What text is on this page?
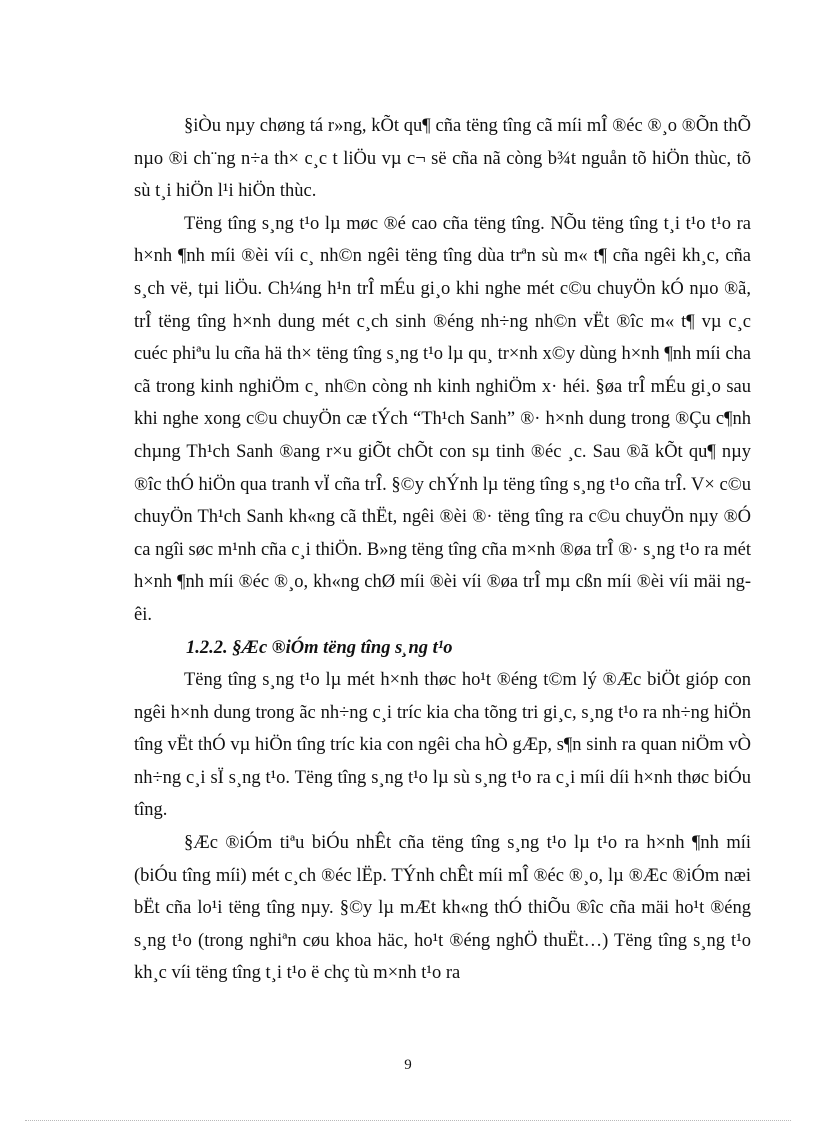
§iÒu nµy chøng tá r»ng, kÕt qu¶ cña tëng tîng cã míi mÎ ®éc ®¸o ®Õn thÕ nµo ®i ch¨ng n÷a th× c¸c t liÖu vµ c¬ së cña nã còng b¾t nguån tõ hiÖn thùc, tõ sù t¸i hiÖn l¹i hiÖn thùc.

Tëng tîng s¸ng t¹o lµ møc ®é cao cña tëng tîng. NÕu tëng tîng t¸i t¹o t¹o ra h×nh ¶nh míi ®èi víi c¸ nh©n ngêi tëng tîng dùa trªn sù m« t¶ cña ngêi kh¸c, cña s¸ch vë, tµi liÖu. Ch¼ng h¹n trÎ mÉu gi¸o khi nghe mét c©u chuyÖn kÓ nµo ®ã, trÎ tëng tîng h×nh dung mét c¸ch sinh ®éng nh÷ng nh©n vËt ®îc m« t¶ vµ c¸c cuéc phiªu lu cña hä th× tëng tîng s¸ng t¹o lµ qu¸ tr×nh x©y dùng h×nh ¶nh míi cha cã trong kinh nghiÖm c¸ nh©n còng nh kinh nghiÖm x· héi. §øa trÎ mÉu gi¸o sau khi nghe xong c©u chuyÖn cæ tÝch “Th¹ch Sanh” ®· h×nh dung trong ®Çu c¶nh chµng Th¹ch Sanh ®ang r×u giÕt chÕt con sµ tinh ®éc ¸c. Sau ®ã kÕt qu¶ nµy ®îc thÓ hiÖn qua tranh vÏ cña trÎ. §©y chÝnh lµ tëng tîng s¸ng t¹o cña trÎ. V× c©u chuyÖn Th¹ch Sanh kh«ng cã thËt, ngêi ®èi ®· tëng tîng ra c©u chuyÖn nµy ®Ó ca ngîi søc m¹nh cña c¸i thiÖn. B»ng tëng tîng cña m×nh ®øa trÎ ®· s¸ng t¹o ra mét h×nh ¶nh míi ®éc ®¸o, kh«ng chØ míi ®èi víi ®øa trÎ mµ cßn míi ®èi víi mäi ngêi.

1.2.2. §Æc ®iÓm tëng tîng s¸ng t¹o

Tëng tîng s¸ng t¹o lµ mét h×nh thøc ho¹t ®éng t©m lý ®Æc biÖt gióp con ngêi h×nh dung trong ãc nh÷ng c¸i tríc kia cha tõng tri gi¸c, s¸ng t¹o ra nh÷ng hiÖn tîng vËt thÓ vµ hiÖn tîng tríc kia con ngêi cha hÒ gÆp, s¶n sinh ra quan niÖm vÒ nh÷ng c¸i sÏ s¸ng t¹o. Tëng tîng s¸ng t¹o lµ sù s¸ng t¹o ra c¸i míi díi h×nh thøc biÓu tîng.

§Æc ®iÓm tiªu biÓu nhÊt cña tëng tîng s¸ng t¹o lµ t¹o ra h×nh ¶nh míi (biÓu tîng míi) mét c¸ch ®éc lËp. TÝnh chÊt míi mÎ ®éc ®¸o, lµ ®Æc ®iÓm næi bËt cña lo¹i tëng tîng nµy. §©y lµ mÆt kh«ng thÓ thiÕu ®îc cña mäi ho¹t ®éng s¸ng t¹o (trong nghiªn cøu khoa häc, ho¹t ®éng nghÖ thuËt…) Tëng tîng s¸ng t¹o kh¸c víi tëng tîng t¸i t¹o ë chç tù m×nh t¹o ra

9
